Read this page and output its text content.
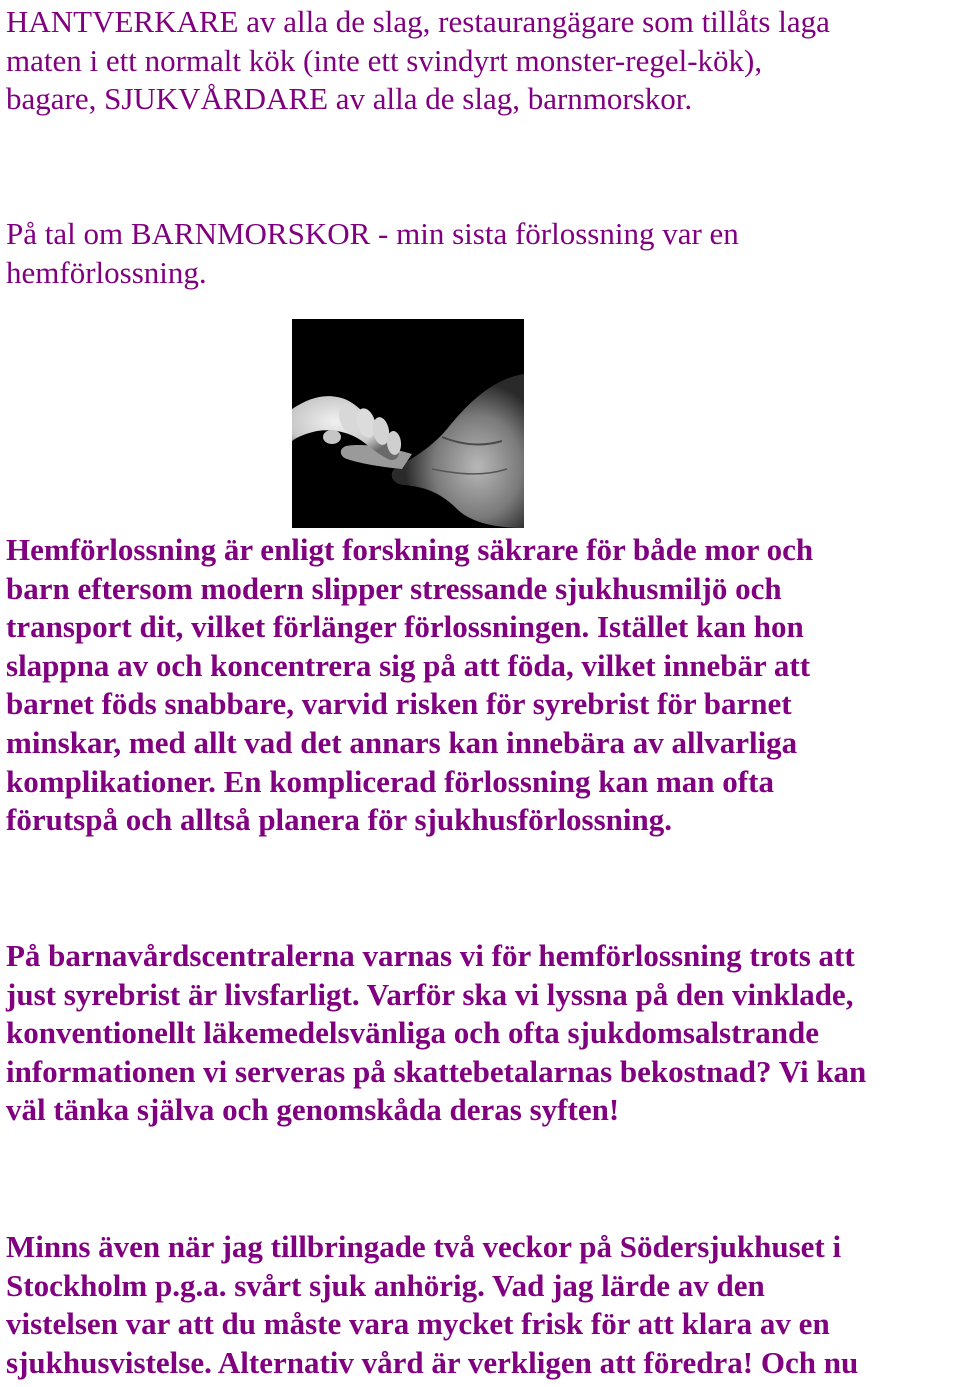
HANTVERKARE av alla de slag, restaurangägare som tillåts laga
maten i ett normalt kök (inte ett svindyrt monster-regel-kök),
bagare, SJUKVÅRDARE av alla de slag, barnmorskor.

På tal om BARNMORSKOR - min sista förlossning var en
hemförlossning.

Hemförlossning är enligt forskning säkrare för både mor och
barn eftersom modern slipper stressande sjukhusmiljö och
transport dit, vilket förlänger förlossningen. Istället kan hon
slappna av och koncentrera sig på att föda, vilket innebär att
barnet föds snabbare, varvid risken för syrebrist för barnet
minskar, med allt vad det annars kan innebära av allvarliga
komplikationer. En komplicerad förlossning kan man ofta
förutspå och alltså planera för sjukhusförlossning.

På barnavårdscentralerna varnas vi för hemförlossning trots att
just syrebrist är livsfarligt. Varför ska vi lyssna på den vinklade,
konventionellt läkemedelsvänliga och ofta sjukdomsalstrande
informationen vi serveras på skattebetalarnas bekostnad? Vi kan
väl tänka själva och genomskåda deras syften!

Minns även när jag tillbringade två veckor på Södersjukhuset i
Stockholm p.g.a. svårt sjuk anhörig. Vad jag lärde av den
vistelsen var att du måste vara mycket frisk för att klara av en
sjukhusvistelse. Alternativ vård är verkligen att föredra! Och nu
